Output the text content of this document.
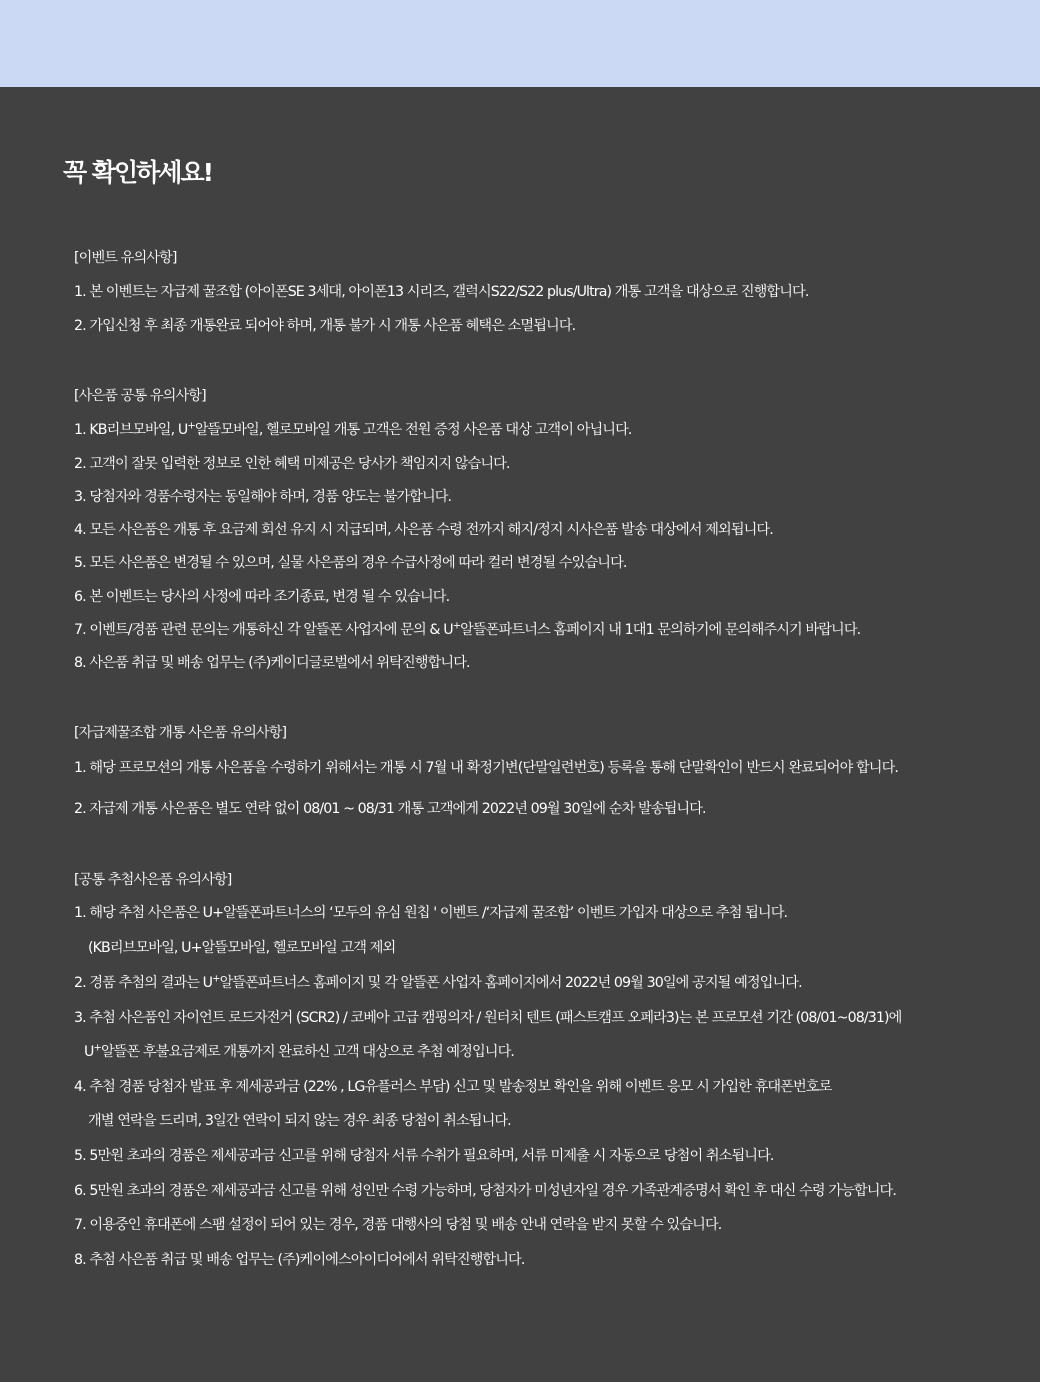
꼭 확인하세요!
[이벤트 유의사항]
1. 본 이벤트는 자급제 꿀조합 (아이폰SE 3세대, 아이폰13 시리즈, 갤럭시S22/S22 plus/Ultra) 개통 고객을 대상으로 진행합니다.
2. 가입신청 후 최종 개통완료 되어야 하며, 개통 불가 시 개통 사은품 혜택은 소멸됩니다.
[사은품 공통 유의사항]
1. KB리브모바일, U+알뜰모바일, 헬로모바일 개통 고객은 전원 증정 사은품 대상 고객이 아닙니다.
2. 고객이 잘못 입력한 정보로 인한 혜택 미제공은 당사가 책임지지 않습니다.
3. 당첨자와 경품수령자는 동일해야 하며, 경품 양도는 불가합니다.
4. 모든 사은품은 개통 후 요금제 회선 유지 시 지급되며, 사은품 수령 전까지 해지/정지 시사은품 발송 대상에서 제외됩니다.
5. 모든 사은품은 변경될 수 있으며, 실물 사은품의 경우 수급사정에 따라 컬러 변경될 수있습니다.
6. 본 이벤트는 당사의 사정에 따라 조기종료, 변경 될 수 있습니다.
7. 이벤트/경품 관련 문의는 개통하신 각 알뜰폰 사업자에 문의 & U+알뜰폰파트너스 홈페이지 내 1대1 문의하기에 문의해주시기 바랍니다.
8. 사은품 취급 및 배송 업무는 (주)케이디글로벌에서 위탁진행합니다.
[자급제꿀조합 개통 사은품 유의사항]
1. 해당 프로모션의 개통 사은품을 수령하기 위해서는 개통 시 7월 내 확정기변(단말일련번호) 등록을 통해 단말확인이 반드시 완료되어야 합니다.
2. 자급제 개통 사은품은 별도 연락 없이 08/01 ~ 08/31 개통 고객에게 2022년 09월 30일에 순차 발송됩니다.
[공통 추첨사은품 유의사항]
1. 해당 추첨 사은품은 U+알뜰폰파트너스의 ‘모두의 유심 원칩 ' 이벤트 /‘자급제 꿀조합’ 이벤트 가입자 대상으로 추첨 됩니다.
(KB리브모바일, U+알뜰모바일, 헬로모바일 고객 제외
2. 경품 추첨의 결과는 U+알뜰폰파트너스 홈페이지 및 각 알뜰폰 사업자 홈페이지에서 2022년 09월 30일에 공지될 예정입니다.
3. 추첨 사은품인 자이언트 로드자전거 (SCR2) / 코베아 고급 캠핑의자 / 원터치 텐트 (패스트캠프 오페라3)는 본 프로모션 기간 (08/01~08/31)에
U+알뜰폰 후불요금제로 개통까지 완료하신 고객 대상으로 추첨 예정입니다.
4. 추첨 경품 당첨자 발표 후 제세공과금 (22% , LG유플러스 부담) 신고 및 발송정보 확인을 위해 이벤트 응모 시 가입한 휴대폰번호로
개별 연락을 드리며, 3일간 연락이 되지 않는 경우 최종 당첨이 취소됩니다.
5. 5만원 초과의 경품은 제세공과금 신고를 위해 당첨자 서류 수취가 필요하며, 서류 미제출 시 자동으로 당첨이 취소됩니다.
6. 5만원 초과의 경품은 제세공과금 신고를 위해 성인만 수령 가능하며, 당첨자가 미성년자일 경우 가족관계증명서 확인 후 대신 수령 가능합니다.
7. 이용중인 휴대폰에 스팸 설정이 되어 있는 경우, 경품 대행사의 당첨 및 배송 안내 연락을 받지 못할 수 있습니다.
8. 추첨 사은품 취급 및 배송 업무는 (주)케이에스아이디어에서 위탁진행합니다.
